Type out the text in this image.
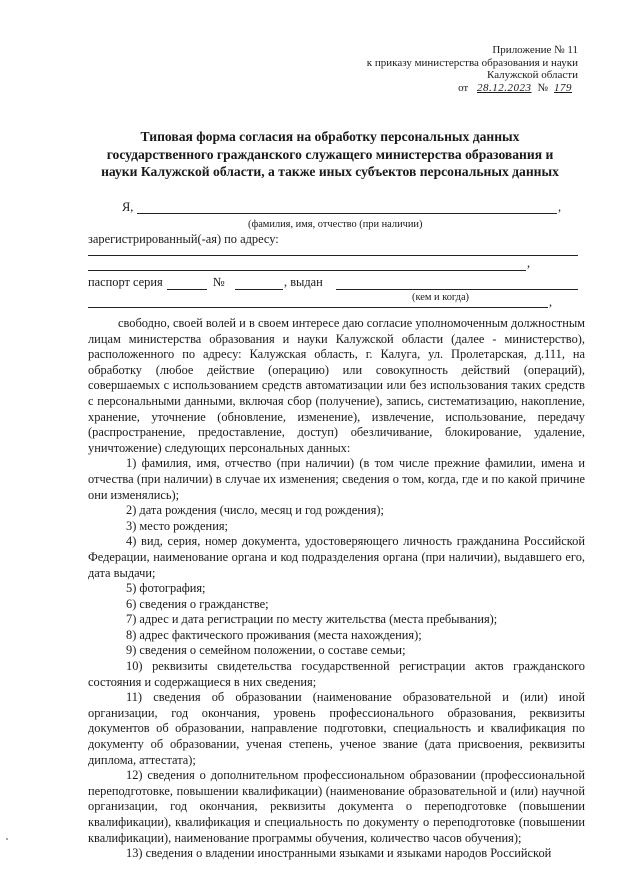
Приложение № 11
к приказу министерства образования и науки
Калужской области
от 28.12.2023 № 179
Типовая форма согласия на обработку персональных данных государственного гражданского служащего министерства образования и науки Калужской области, а также иных субъектов персональных данных
Я,	,
(фамилия, имя, отчество (при наличии)
зарегистрированный(-ая) по адресу:
,
паспорт серия	№	, выдан
(кем и когда)	,

свободно, своей волей и в своем интересе даю согласие уполномоченным должностным лицам министерства образования и науки Калужской области (далее - министерство), расположенного по адресу: Калужская область, г. Калуга, ул. Пролетарская, д.111, на обработку (любое действие (операцию) или совокупность действий (операций), совершаемых с использованием средств автоматизации или без использования таких средств с персональными данными, включая сбор (получение), запись, систематизацию, накопление, хранение, уточнение (обновление, изменение), извлечение, использование, передачу (распространение, предоставление, доступ) обезличивание, блокирование, удаление, уничтожение) следующих персональных данных:

1) фамилия, имя, отчество (при наличии) (в том числе прежние фамилии, имена и отчества (при наличии) в случае их изменения; сведения о том, когда, где и по какой причине они изменялись);

2) дата рождения (число, месяц и год рождения);

3) место рождения;

4) вид, серия, номер документа, удостоверяющего личность гражданина Российской Федерации, наименование органа и код подразделения органа (при наличии), выдавшего его, дата выдачи;

5) фотография;

6) сведения о гражданстве;

7) адрес и дата регистрации по месту жительства (места пребывания);

8) адрес фактического проживания (места нахождения);

9) сведения о семейном положении, о составе семьи;

10) реквизиты свидетельства государственной регистрации актов гражданского состояния и содержащиеся в них сведения;

11) сведения об образовании (наименование образовательной и (или) иной организации, год окончания, уровень профессионального образования, реквизиты документов об образовании, направление подготовки, специальность и квалификация по документу об образовании, ученая степень, ученое звание (дата присвоения, реквизиты диплома, аттестата);

12) сведения о дополнительном профессиональном образовании (профессиональной переподготовке, повышении квалификации) (наименование образовательной и (или) научной организации, год окончания, реквизиты документа о переподготовке (повышении квалификации), квалификация и специальность по документу о переподготовке (повышении квалификации), наименование программы обучения, количество часов обучения);

13) сведения о владении иностранными языками и языками народов Российской
